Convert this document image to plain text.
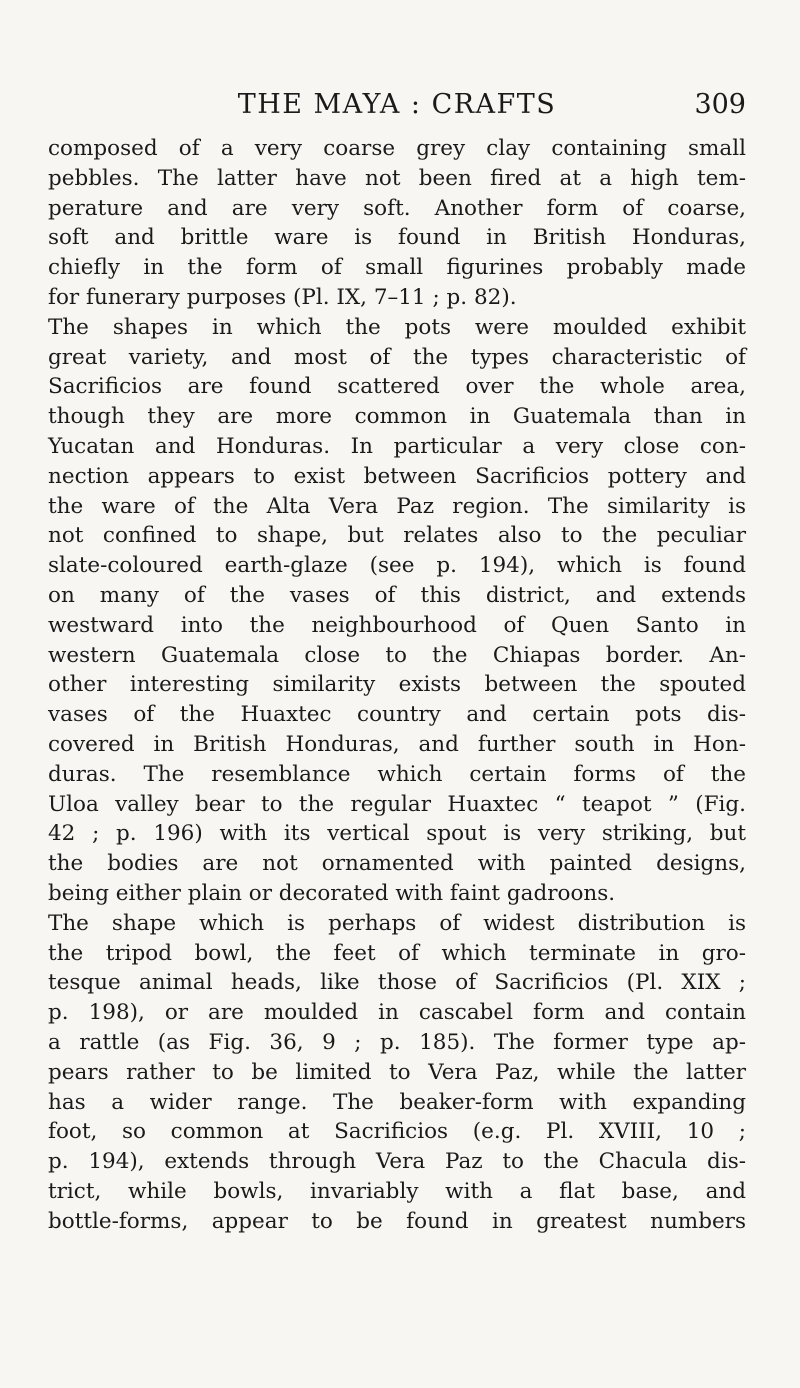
THE MAYA : CRAFTS	309
composed of a very coarse grey clay containing small
pebbles. The latter have not been fired at a high tem-
perature and are very soft. Another form of coarse,
soft and brittle ware is found in British Honduras,
chiefly in the form of small figurines probably made
for funerary purposes (Pl. IX, 7–11 ; p. 82).
The shapes in which the pots were moulded exhibit
great variety, and most of the types characteristic of
Sacrificios are found scattered over the whole area,
though they are more common in Guatemala than in
Yucatan and Honduras. In particular a very close con-
nection appears to exist between Sacrificios pottery and
the ware of the Alta Vera Paz region. The similarity is
not confined to shape, but relates also to the peculiar
slate-coloured earth-glaze (see p. 194), which is found
on many of the vases of this district, and extends
westward into the neighbourhood of Quen Santo in
western Guatemala close to the Chiapas border. An-
other interesting similarity exists between the spouted
vases of the Huaxtec country and certain pots dis-
covered in British Honduras, and further south in Hon-
duras. The resemblance which certain forms of the
Uloa valley bear to the regular Huaxtec “ teapot ” (Fig.
42 ; p. 196) with its vertical spout is very striking, but
the bodies are not ornamented with painted designs,
being either plain or decorated with faint gadroons.
The shape which is perhaps of widest distribution is
the tripod bowl, the feet of which terminate in gro-
tesque animal heads, like those of Sacrificios (Pl. XIX ;
p. 198), or are moulded in cascabel form and contain
a rattle (as Fig. 36, 9 ; p. 185). The former type ap-
pears rather to be limited to Vera Paz, while the latter
has a wider range. The beaker-form with expanding
foot, so common at Sacrificios (e.g. Pl. XVIII, 10 ;
p. 194), extends through Vera Paz to the Chacula dis-
trict, while bowls, invariably with a flat base, and
bottle-forms, appear to be found in greatest numbers
